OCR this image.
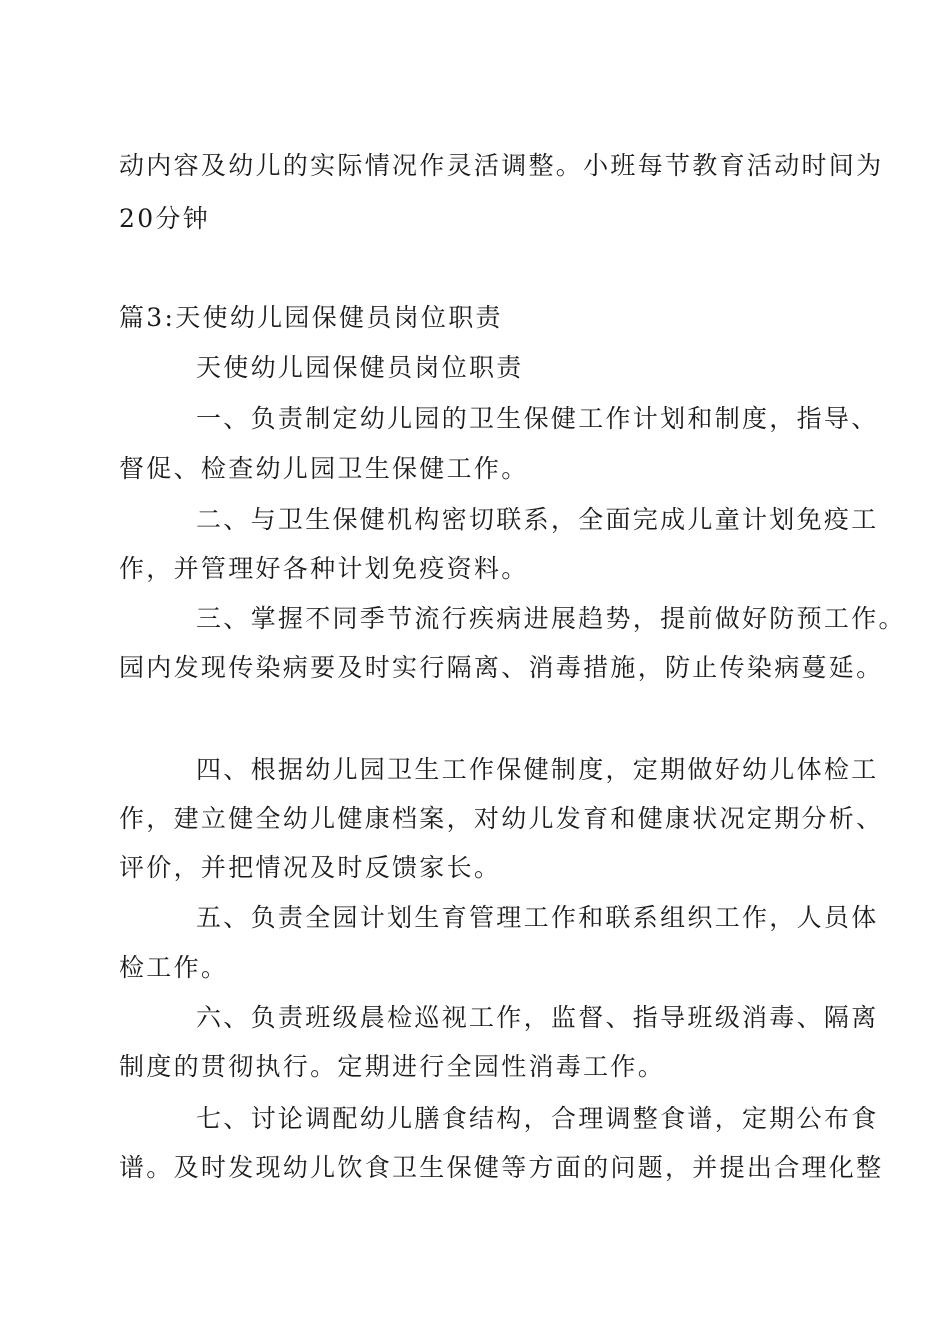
动内容及幼儿的实际情况作灵活调整。小班每节教育活动时间为
20分钟
篇3:天使幼儿园保健员岗位职责
天使幼儿园保健员岗位职责
一、负责制定幼儿园的卫生保健工作计划和制度，指导、
督促、检查幼儿园卫生保健工作。
二、与卫生保健机构密切联系，全面完成儿童计划免疫工
作，并管理好各种计划免疫资料。
三、掌握不同季节流行疾病进展趋势，提前做好防预工作。
园内发现传染病要及时实行隔离、消毒措施，防止传染病蔓延。
四、根据幼儿园卫生工作保健制度，定期做好幼儿体检工
作，建立健全幼儿健康档案，对幼儿发育和健康状况定期分析、
评价，并把情况及时反馈家长。
五、负责全园计划生育管理工作和联系组织工作，人员体
检工作。
六、负责班级晨检巡视工作，监督、指导班级消毒、隔离
制度的贯彻执行。定期进行全园性消毒工作。
七、讨论调配幼儿膳食结构，合理调整食谱，定期公布食
谱。及时发现幼儿饮食卫生保健等方面的问题，并提出合理化整
